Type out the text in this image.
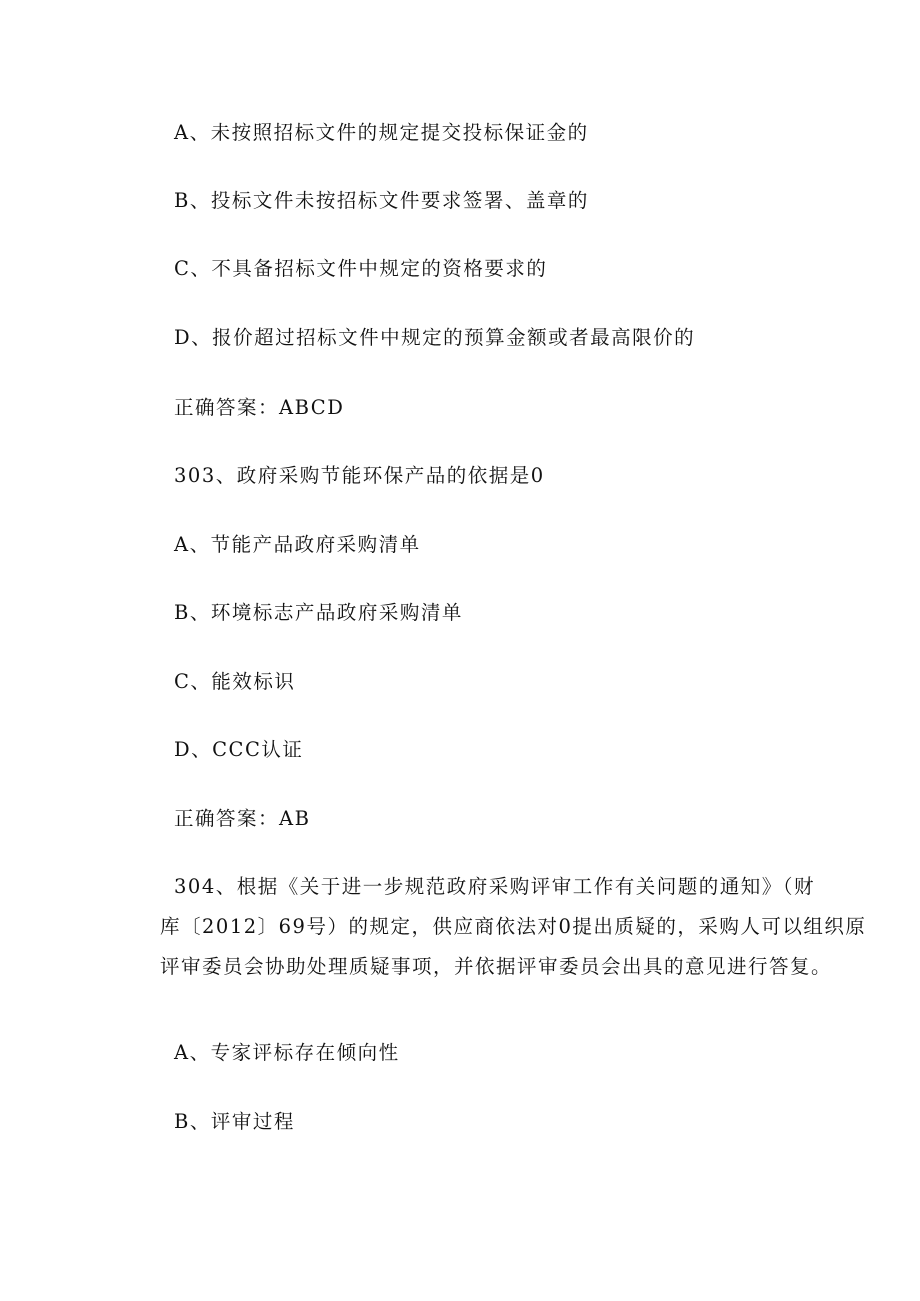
A、未按照招标文件的规定提交投标保证金的
B、投标文件未按招标文件要求签署、盖章的
C、不具备招标文件中规定的资格要求的
D、报价超过招标文件中规定的预算金额或者最高限价的
正确答案：ABCD
303、政府采购节能环保产品的依据是0
A、节能产品政府采购清单
B、环境标志产品政府采购清单
C、能效标识
D、CCC认证
正确答案：AB
304、根据《关于进一步规范政府采购评审工作有关问题的通知》（财
库〔2012〕69号）的规定，供应商依法对0提出质疑的，采购人可以组织原
评审委员会协助处理质疑事项，并依据评审委员会出具的意见进行答复。
A、专家评标存在倾向性
B、评审过程
